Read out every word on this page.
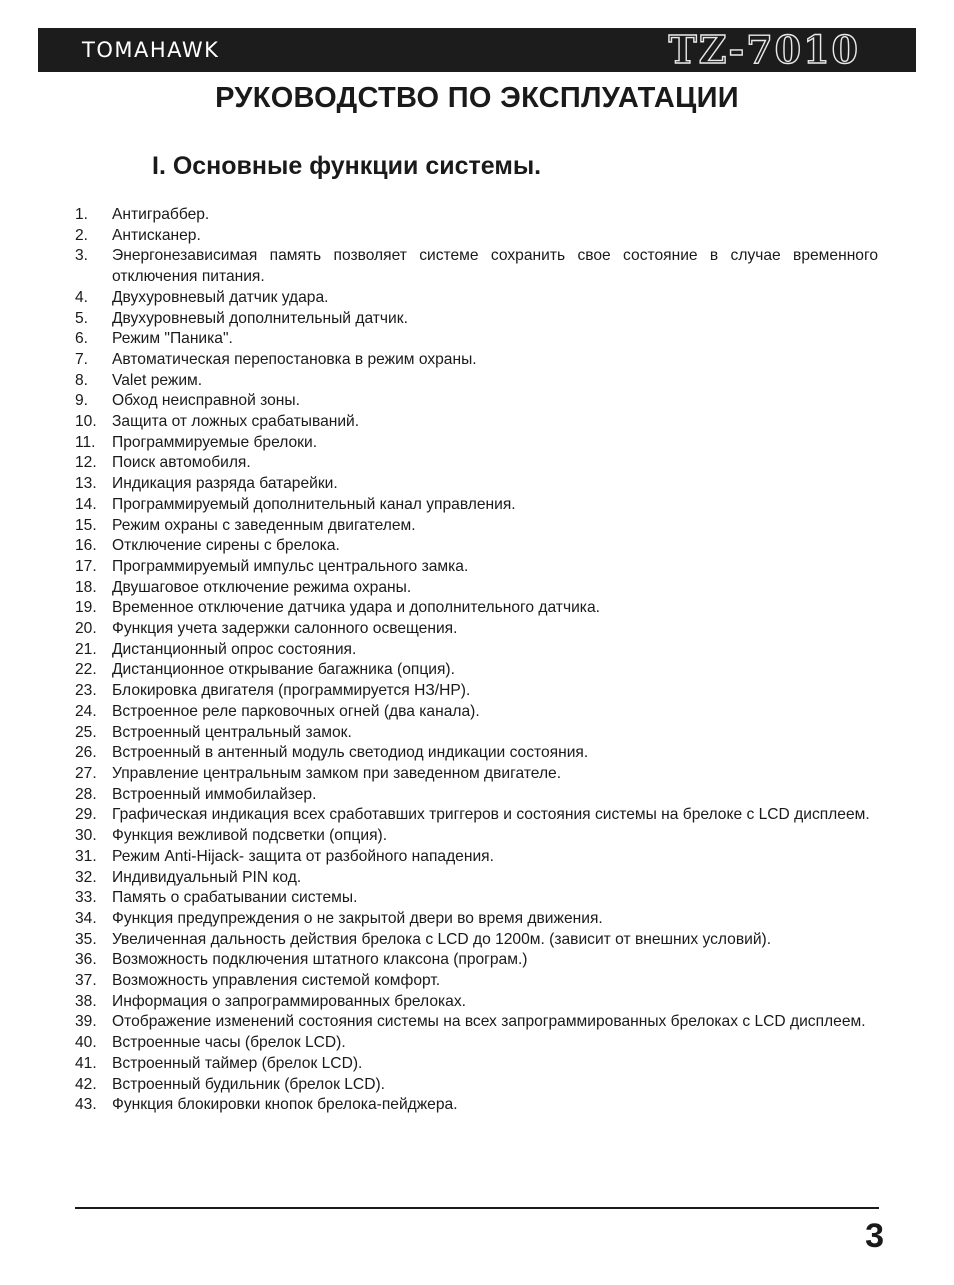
TOMAHAWK	TZ-7010
РУКОВОДСТВО ПО ЭКСПЛУАТАЦИИ
I. Основные функции системы.
1.	Антиграббер.
2.	Антисканер.
3.	Энергонезависимая память позволяет системе сохранить свое состояние в случае временного отключения питания.
4.	Двухуровневый датчик удара.
5.	Двухуровневый дополнительный датчик.
6.	Режим "Паника".
7.	Автоматическая перепостановка в режим охраны.
8.	Valet режим.
9.	Обход неисправной зоны.
10. Защита от ложных срабатываний.
11.	Программируемые брелоки.
12. Поиск автомобиля.
13. Индикация разряда батарейки.
14. Программируемый дополнительный канал управления.
15. Режим охраны с заведенным двигателем.
16. Отключение сирены с брелока.
17. Программируемый импульс центрального замка.
18. Двушаговое отключение режима охраны.
19. Временное отключение датчика удара и дополнительного датчика.
20. Функция учета задержки салонного освещения.
21. Дистанционный опрос состояния.
22. Дистанционное открывание багажника (опция).
23. Блокировка двигателя (программируется НЗ/НР).
24. Встроенное реле парковочных огней (два канала).
25. Встроенный центральный замок.
26. Встроенный в антенный модуль светодиод индикации состояния.
27. Управление центральным замком при заведенном двигателе.
28. Встроенный иммобилайзер.
29. Графическая индикация всех сработавших триггеров и состояния системы на брелоке с LCD дисплеем.
30. Функция вежливой подсветки (опция).
31. Режим Anti-Hijack- защита от разбойного нападения.
32. Индивидуальный PIN код.
33. Память о срабатывании системы.
34. Функция предупреждения о не закрытой двери во время движения.
35. Увеличенная дальность действия брелока с LCD до 1200м. (зависит от внешних условий).
36. Возможность подключения штатного клаксона (програм.)
37. Возможность управления системой комфорт.
38. Информация о запрограммированных брелоках.
39. Отображение изменений состояния системы на всех запрограммированных брелоках с LCD дисплеем.
40. Встроенные часы (брелок LCD).
41. Встроенный таймер (брелок LCD).
42. Встроенный будильник (брелок LCD).
43. Функция блокировки кнопок брелока-пейджера.
3
